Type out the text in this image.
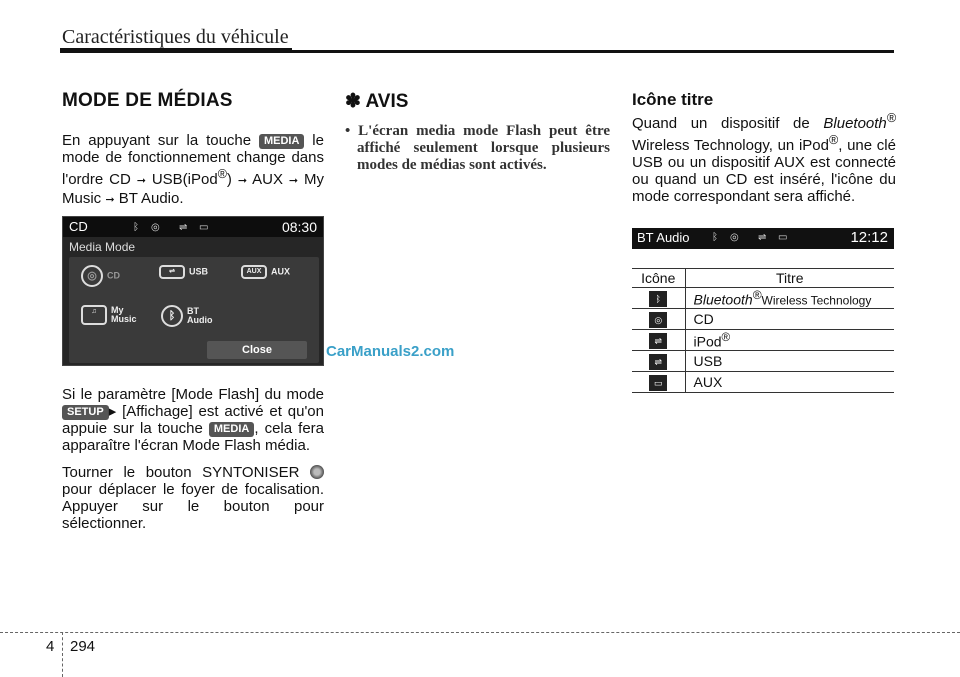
Caractéristiques du véhicule
MODE DE MÉDIAS

En appuyant sur la touche MEDIA le mode de fonctionnement change dans l'ordre CD ➞ USB(iPod®) ➞ AUX ➞ My Music ➞ BT Audio.

CD	ᛒ ◎ ⇌ ▭	08:30
Media Mode
◎ CD	⇌ USB	AUX AUX
♫ My
Music	ᛒ BT
Audio
Close	CarManuals2.com

Si le paramètre [Mode Flash] du mode SETUP ▸ [Affichage] est activé et qu'on appuie sur la touche MEDIA , cela fera apparaître l'écran Mode Flash média.

Tourner le bouton SYNTONISER  pour déplacer le foyer de focalisation. Appuyer sur le bouton pour sélectionner.

✽ AVIS
• L'écran media mode Flash peut être affiché seulement lorsque plusieurs modes de médias sont activés.
Icône titre

Quand un dispositif de Bluetooth® Wireless Technology, un iPod®, une clé USB ou un dispositif AUX est connecté ou quand un CD est inséré, l'icône du mode correspondant sera affiché.

BT Audio ᛒ ◎ ⇌ ▭	12:12
Icône	Titre
ᛒ	Bluetooth®Wireless Technology
◎	CD
⇌	iPod®
⇌	USB
▭	AUX
4 294
